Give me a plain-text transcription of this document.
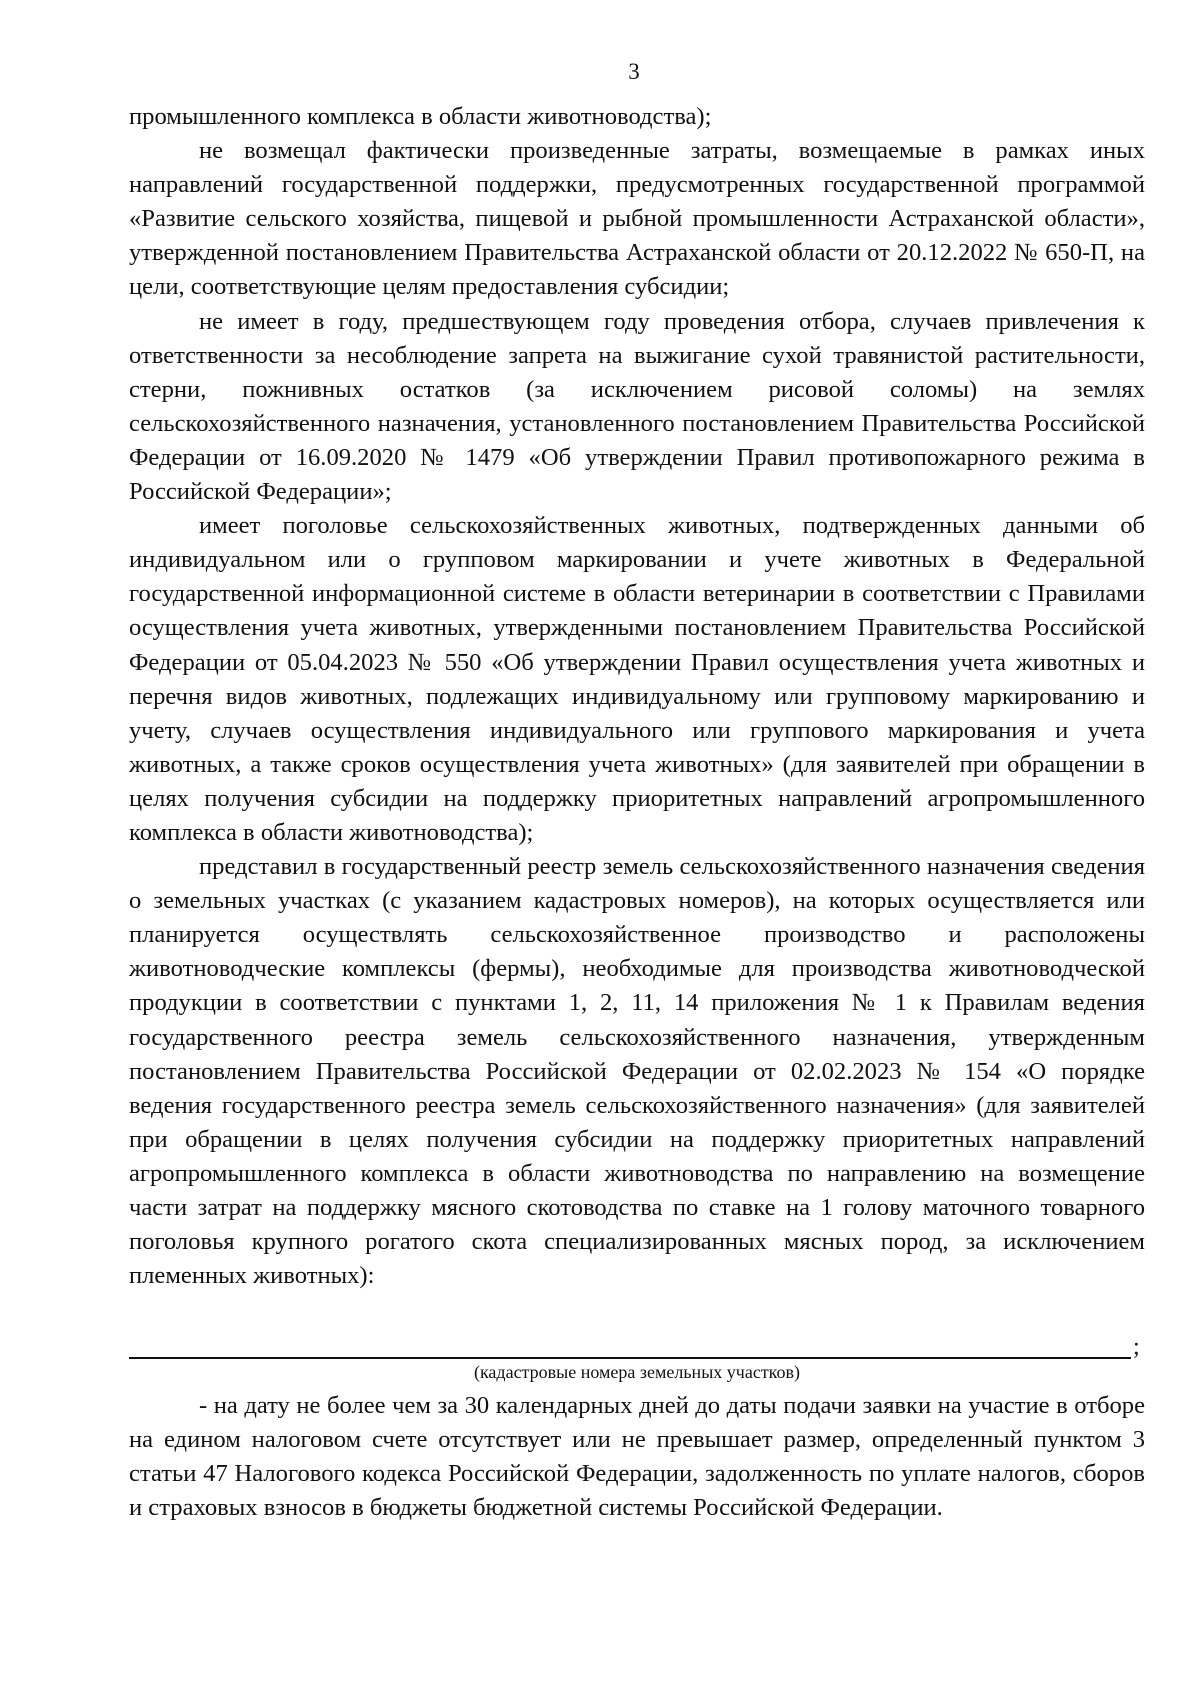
3

промышленного комплекса в области животноводства);

не возмещал фактически произведенные затраты, возмещаемые в рамках иных направлений государственной поддержки, предусмотренных государственной программой «Развитие сельского хозяйства, пищевой и рыбной промышленности Астраханской области», утвержденной постановлением Правительства Астраханской области от 20.12.2022 № 650-П, на цели, соответствующие целям предоставления субсидии;

не имеет в году, предшествующем году проведения отбора, случаев привлечения к ответственности за несоблюдение запрета на выжигание сухой травянистой растительности, стерни, пожнивных остатков (за исключением рисовой соломы) на землях сельскохозяйственного назначения, установленного постановлением Правительства Российской Федерации от 16.09.2020 № 1479 «Об утверждении Правил противопожарного режима в Российской Федерации»;

имеет поголовье сельскохозяйственных животных, подтвержденных данными об индивидуальном или о групповом маркировании и учете животных в Федеральной государственной информационной системе в области ветеринарии в соответствии с Правилами осуществления учета животных, утвержденными постановлением Правительства Российской Федерации от 05.04.2023 № 550 «Об утверждении Правил осуществления учета животных и перечня видов животных, подлежащих индивидуальному или групповому маркированию и учету, случаев осуществления индивидуального или группового маркирования и учета животных, а также сроков осуществления учета животных» (для заявителей при обращении в целях получения субсидии на поддержку приоритетных направлений агропромышленного комплекса в области животноводства);

представил в государственный реестр земель сельскохозяйственного назначения сведения о земельных участках (с указанием кадастровых номеров), на которых осуществляется или планируется осуществлять сельскохозяйственное производство и расположены животноводческие комплексы (фермы), необходимые для производства животноводческой продукции в соответствии с пунктами 1, 2, 11, 14 приложения № 1 к Правилам ведения государственного реестра земель сельскохозяйственного назначения, утвержденным постановлением Правительства Российской Федерации от 02.02.2023 № 154 «О порядке ведения государственного реестра земель сельскохозяйственного назначения» (для заявителей при обращении в целях получения субсидии на поддержку приоритетных направлений агропромышленного комплекса в области животноводства по направлению на возмещение части затрат на поддержку мясного скотоводства по ставке на 1 голову маточного товарного поголовья крупного рогатого скота специализированных мясных пород, за исключением племенных животных):

;
(кадастровые номера земельных участков)

- на дату не более чем за 30 календарных дней до даты подачи заявки на участие в отборе на едином налоговом счете отсутствует или не превышает размер, определенный пунктом 3 статьи 47 Налогового кодекса Российской Федерации, задолженность по уплате налогов, сборов и страховых взносов в бюджеты бюджетной системы Российской Федерации.
